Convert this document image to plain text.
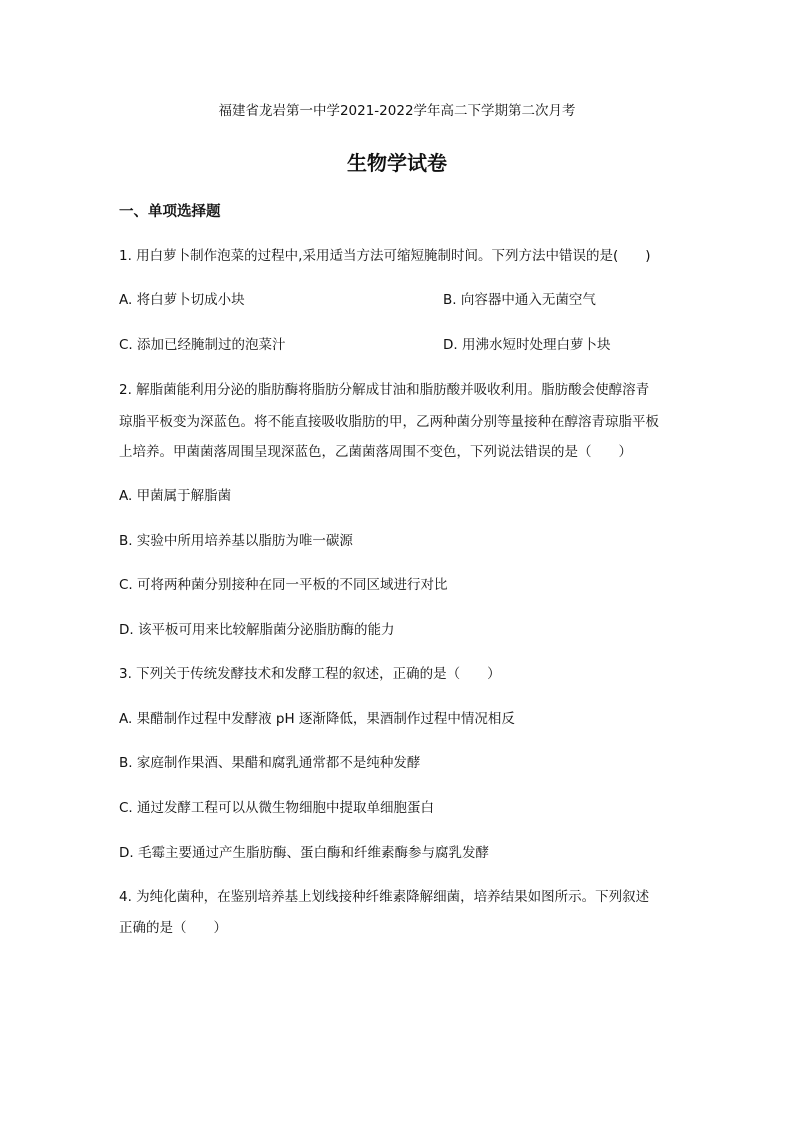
福建省龙岩第一中学2021-2022学年高二下学期第二次月考
生物学试卷
一、单项选择题
1. 用白萝卜制作泡菜的过程中,采用适当方法可缩短腌制时间。下列方法中错误的是(　　)
A. 将白萝卜切成小块	B. 向容器中通入无菌空气
C. 添加已经腌制过的泡菜汁	D. 用沸水短时处理白萝卜块
2. 解脂菌能利用分泌的脂肪酶将脂肪分解成甘油和脂肪酸并吸收利用。脂肪酸会使醇溶青
琼脂平板变为深蓝色。将不能直接吸收脂肪的甲，乙两种菌分别等量接种在醇溶青琼脂平板
上培养。甲菌菌落周围呈现深蓝色，乙菌菌落周围不变色，下列说法错误的是（　　）
A. 甲菌属于解脂菌
B. 实验中所用培养基以脂肪为唯一碳源
C. 可将两种菌分别接种在同一平板的不同区域进行对比
D. 该平板可用来比较解脂菌分泌脂肪酶的能力
3. 下列关于传统发酵技术和发酵工程的叙述，正确的是（　　）
A. 果醋制作过程中发酵液 pH 逐渐降低，果酒制作过程中情况相反
B. 家庭制作果酒、果醋和腐乳通常都不是纯种发酵
C. 通过发酵工程可以从微生物细胞中提取单细胞蛋白
D. 毛霉主要通过产生脂肪酶、蛋白酶和纤维素酶参与腐乳发酵
4. 为纯化菌种，在鉴别培养基上划线接种纤维素降解细菌，培养结果如图所示。下列叙述
正确的是（　　）
